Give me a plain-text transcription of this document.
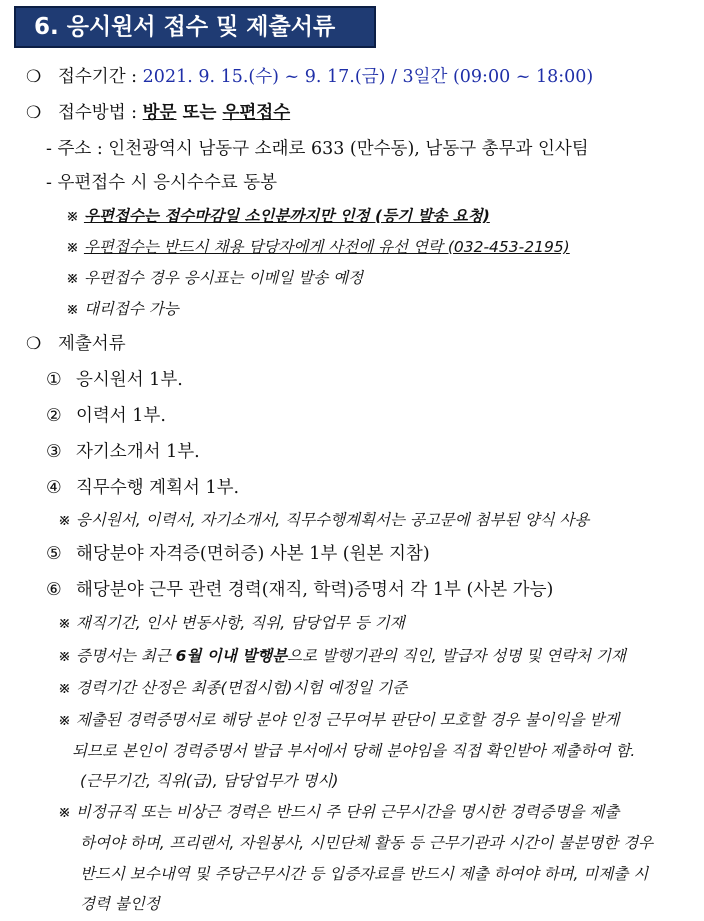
6. 응시원서 접수 및 제출서류
❍ 접수기간 : 2021. 9. 15.(수) ~ 9. 17.(금) / 3일간 (09:00 ~ 18:00)
❍ 접수방법 : 방문 또는 우편접수
- 주소 : 인천광역시 남동구 소래로 633 (만수동), 남동구 총무과 인사팀
- 우편접수 시 응시수수료 동봉
※ 우편접수는 접수마감일 소인분까지만 인정 (등기 발송 요청)
※ 우편접수는 반드시 채용 담당자에게 사전에 유선 연락 (032-453-2195)
※ 우편접수 경우 응시표는 이메일 발송 예정
※ 대리접수 가능
❍ 제출서류
① 응시원서 1부.
② 이력서 1부.
③ 자기소개서 1부.
④ 직무수행 계획서 1부.
※ 응시원서, 이력서, 자기소개서, 직무수행계획서는 공고문에 첨부된 양식 사용
⑤ 해당분야 자격증(면허증) 사본 1부 (원본 지참)
⑥ 해당분야 근무 관련 경력(재직, 학력)증명서 각 1부 (사본 가능)
※ 재직기간, 인사 변동사항, 직위, 담당업무 등 기재
※ 증명서는 최근 6월 이내 발행분으로 발행기관의 직인, 발급자 성명 및 연락처 기재
※ 경력기간 산정은 최종(면접시험)시험 예정일 기준
※ 제출된 경력증명서로 해당 분야 인정 근무여부 판단이 모호할 경우 불이익을 받게
되므로 본인이 경력증명서 발급 부서에서 당해 분야임을 직접 확인받아 제출하여 함.
(근무기간, 직위(급), 담당업무가 명시)
※ 비정규직 또는 비상근 경력은 반드시 주 단위 근무시간을 명시한 경력증명을 제출
하여야 하며, 프리랜서, 자원봉사, 시민단체 활동 등 근무기관과 시간이 불분명한 경우
반드시 보수내역 및 주당근무시간 등 입증자료를 반드시 제출 하여야 하며, 미제출 시
경력 불인정
